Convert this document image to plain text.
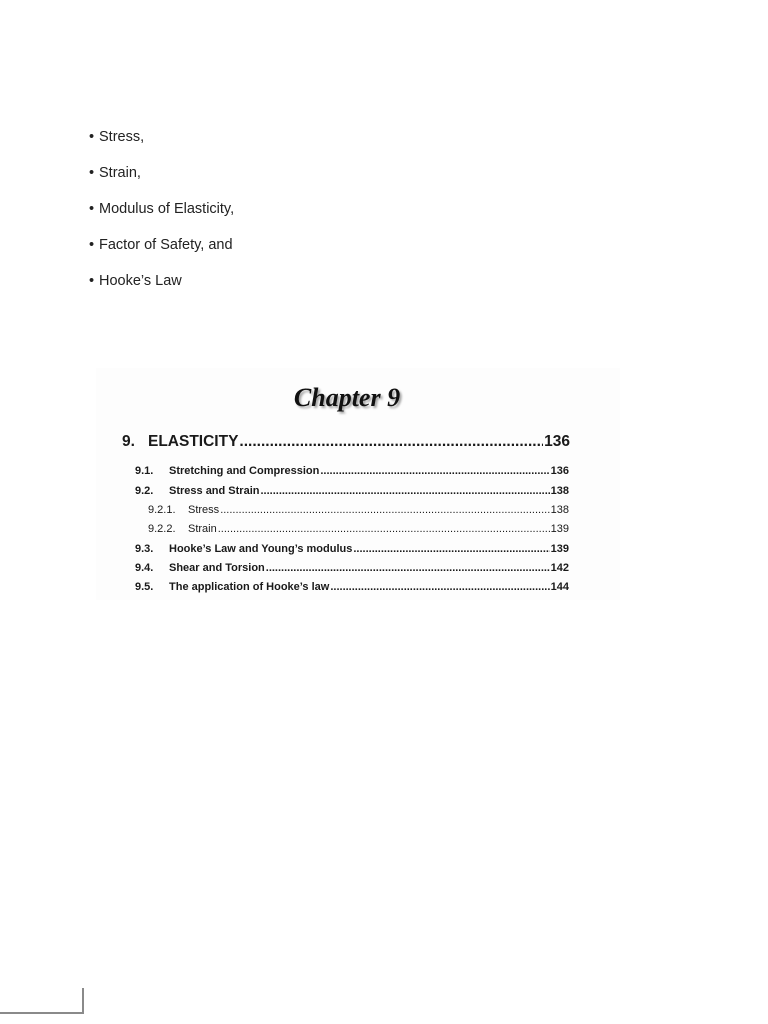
• Stress,
• Strain,
• Modulus of Elasticity,
• Factor of Safety, and
• Hooke’s Law
Chapter 9
9. ELASTICITY .....	136
9.1.	Stretching and Compression .....	136
9.2.	Stress and Strain .....	138
9.2.1.	Stress .....	138
9.2.2.	Strain .....	139
9.3.	Hooke’s Law and Young’s modulus .....	139
9.4.	Shear and Torsion .....	142
9.5.	The application of Hooke’s law .....	144
